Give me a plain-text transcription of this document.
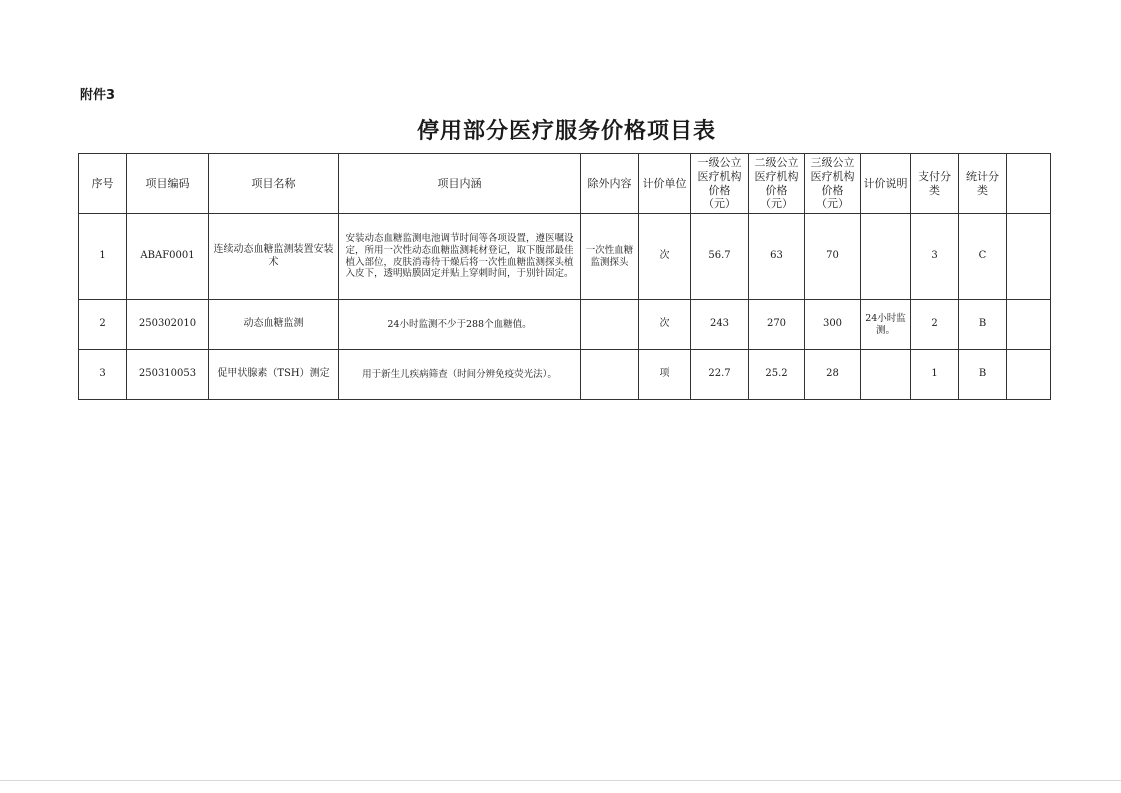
附件3
停用部分医疗服务价格项目表
序号	项目编码	项目名称	项目内涵	除外内容	计价单位	一级公立
医疗机构
价格
（元）	二级公立
医疗机构
价格
（元）	三级公立
医疗机构
价格
（元）	计价说明	支付分类	统计分类	
1	ABAF0001	连续动态血糖监测装置安装术	安装动态血糖监测电池调节时间等各项设置，遵医嘱设定，所用一次性动态血糖监测耗材登记，取下腹部最佳植入部位，皮肤消毒待干燥后将一次性血糖监测探头植入皮下，透明贴膜固定并贴上穿刺时间，于别针固定。	一次性血糖监测探头	次	56.7	63	70		3	C	
2	250302010	动态血糖监测	24小时监测不少于288个血糖值。		次	243	270	300	24小时监测。	2	B	
3	250310053	促甲状腺素（TSH）测定	用于新生儿疾病筛查（时间分辨免疫荧光法）。		项	22.7	25.2	28		1	B	
